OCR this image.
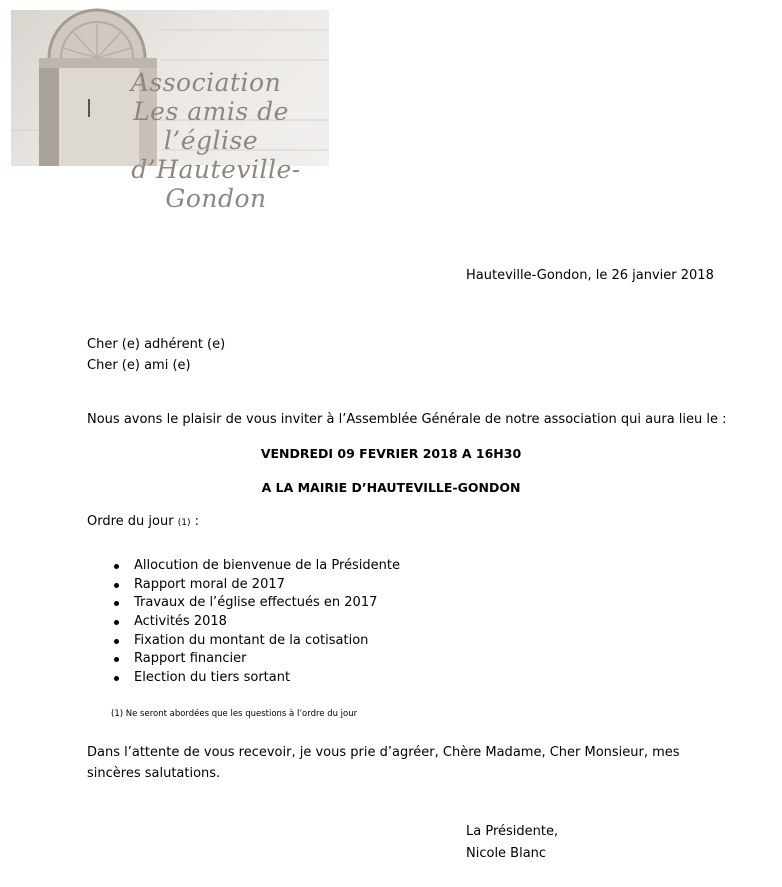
Association
Les amis de l’église
d’Hauteville-Gondon
Hauteville-Gondon, le 26 janvier 2018
Cher (e) adhérent (e)
Cher (e) ami (e)
Nous avons le plaisir de vous inviter à l’Assemblée Générale de notre association qui aura lieu le :
VENDREDI 09 FEVRIER 2018 A 16H30
A LA MAIRIE D’HAUTEVILLE-GONDON
Ordre du jour (1) :
Allocution de bienvenue de la Présidente
Rapport moral de 2017
Travaux de l’église effectués en 2017
Activités 2018
Fixation du montant de la cotisation
Rapport financier
Election du tiers sortant
(1) Ne seront abordées que les questions à l’ordre du jour
Dans l’attente de vous recevoir, je vous prie d’agréer, Chère Madame, Cher Monsieur, mes sincères salutations.
La Présidente,
Nicole Blanc
